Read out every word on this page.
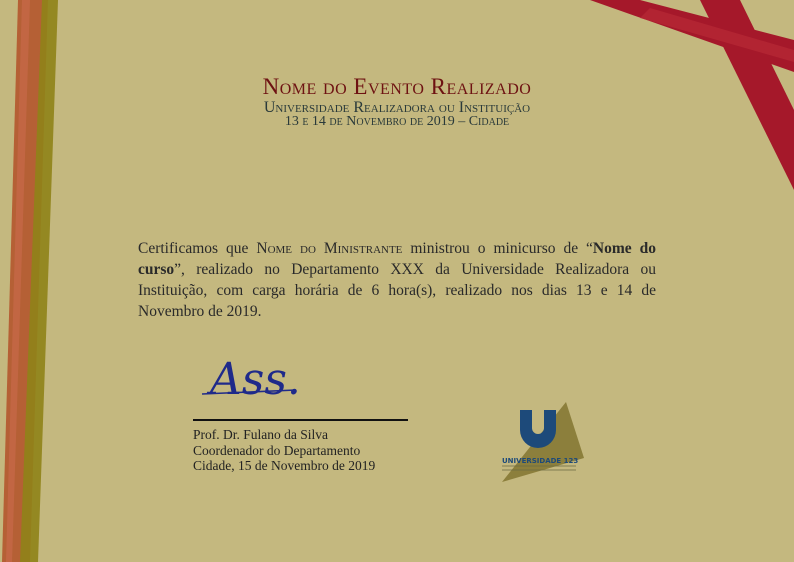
Nome do Evento Realizado
Universidade Realizadora ou Instituição
13 e 14 de Novembro de 2019 – Cidade
Certificamos que Nome do Ministrante ministrou o minicurso de “Nome do curso”, realizado no Departamento XXX da Universidade Realizadora ou Instituição, com carga horária de 6 hora(s), realizado nos dias 13 e 14 de Novembro de 2019.
Ass.
Prof. Dr. Fulano da Silva
Coordenador do Departamento
Cidade, 15 de Novembro de 2019	UNIVERSIDADE 123
